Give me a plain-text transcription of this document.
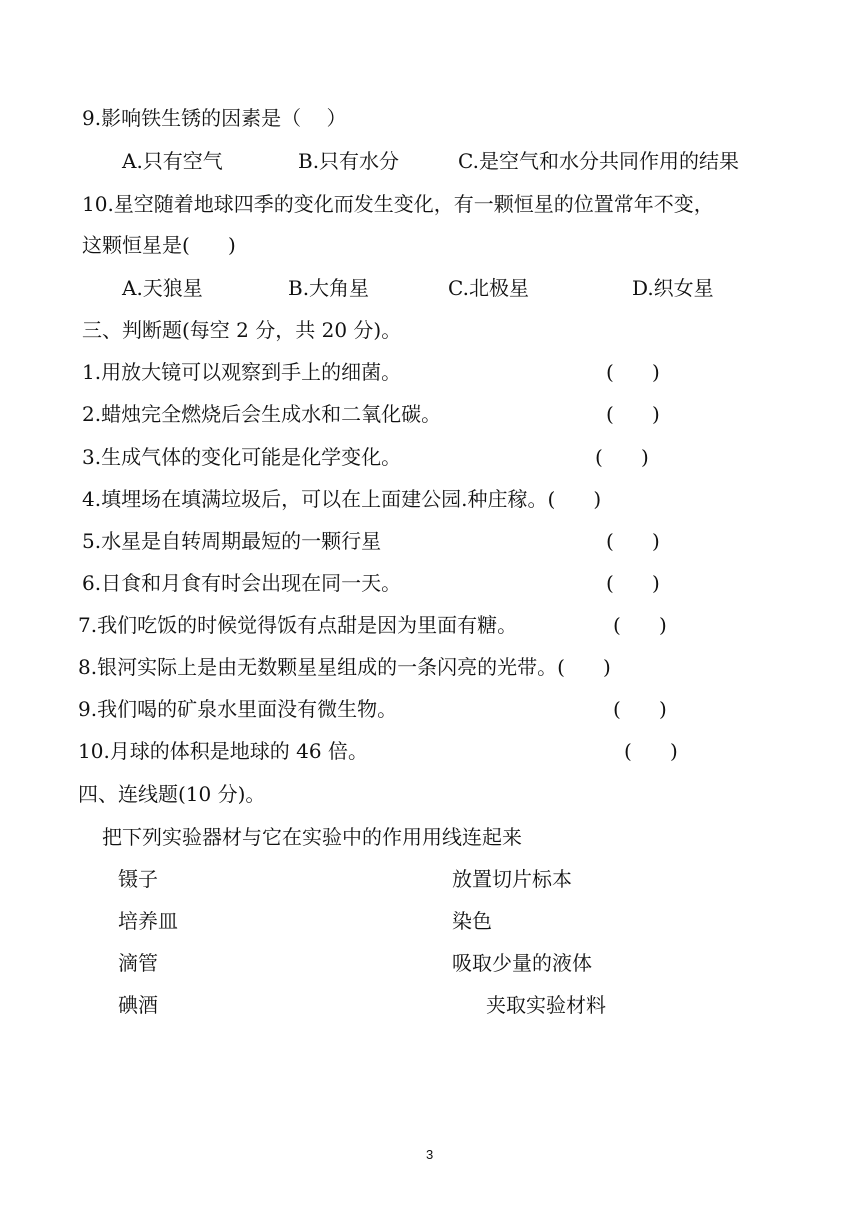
9.影响铁生锈的因素是（    ）
A.只有空气	B.只有水分	C.是空气和水分共同作用的结果
10.星空随着地球四季的变化而发生变化，有一颗恒星的位置常年不变，
这颗恒星是(      )
A.天狼星	B.大角星	C.北极星	D.织女星
三、判断题(每空 2 分，共 20 分)。
1.用放大镜可以观察到手上的细菌。	(      )
2.蜡烛完全燃烧后会生成水和二氧化碳。	(      )
3.生成气体的变化可能是化学变化。	(      )
4.填埋场在填满垃圾后，可以在上面建公园.种庄稼。(      )
5.水星是自转周期最短的一颗行星	(      )
6.日食和月食有时会出现在同一天。	(      )
7.我们吃饭的时候觉得饭有点甜是因为里面有糖。	(      )
8.银河实际上是由无数颗星星组成的一条闪亮的光带。(      )
9.我们喝的矿泉水里面没有微生物。	(      )
10.月球的体积是地球的 46 倍。	(      )
四、连线题(10 分)。
把下列实验器材与它在实验中的作用用线连起来
镊子	放置切片标本
培养皿	染色
滴管	吸取少量的液体
碘酒	夹取实验材料
3
